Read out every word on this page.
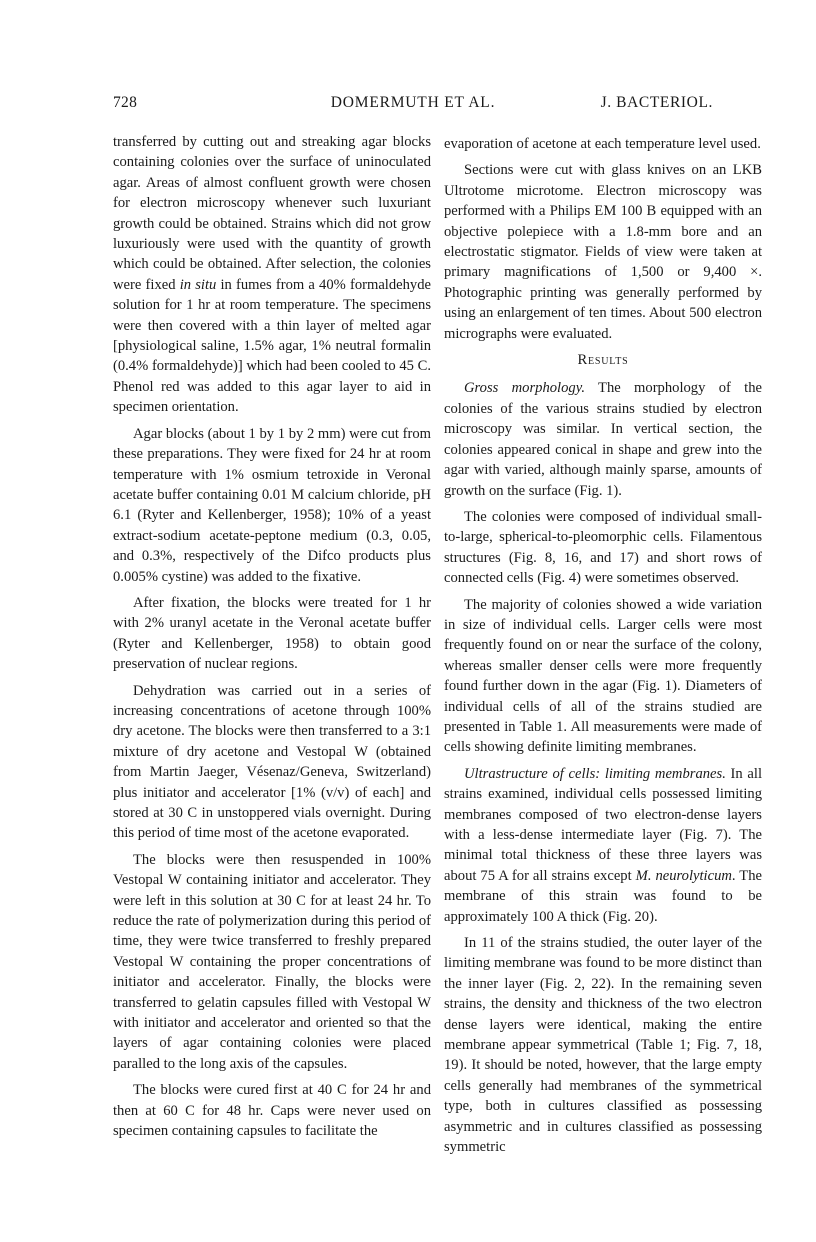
728	DOMERMUTH ET AL.	J. BACTERIOL.

transferred by cutting out and streaking agar blocks containing colonies over the surface of uninoculated agar. Areas of almost confluent growth were chosen for electron microscopy whenever such luxuriant growth could be obtained. Strains which did not grow luxuriously were used with the quantity of growth which could be obtained. After selection, the colonies were fixed in situ in fumes from a 40% formaldehyde solution for 1 hr at room temperature. The specimens were then covered with a thin layer of melted agar [physiological saline, 1.5% agar, 1% neutral formalin (0.4% formaldehyde)] which had been cooled to 45 C. Phenol red was added to this agar layer to aid in specimen orientation.

Agar blocks (about 1 by 1 by 2 mm) were cut from these preparations. They were fixed for 24 hr at room temperature with 1% osmium tetroxide in Veronal acetate buffer containing 0.01 M calcium chloride, pH 6.1 (Ryter and Kellenberger, 1958); 10% of a yeast extract-sodium acetate-peptone medium (0.3, 0.05, and 0.3%, respectively of the Difco products plus 0.005% cystine) was added to the fixative.

After fixation, the blocks were treated for 1 hr with 2% uranyl acetate in the Veronal acetate buffer (Ryter and Kellenberger, 1958) to obtain good preservation of nuclear regions.

Dehydration was carried out in a series of increasing concentrations of acetone through 100% dry acetone. The blocks were then transferred to a 3:1 mixture of dry acetone and Vestopal W (obtained from Martin Jaeger, Vésenaz/Geneva, Switzerland) plus initiator and accelerator [1% (v/v) of each] and stored at 30 C in unstoppered vials overnight. During this period of time most of the acetone evaporated.

The blocks were then resuspended in 100% Vestopal W containing initiator and accelerator. They were left in this solution at 30 C for at least 24 hr. To reduce the rate of polymerization during this period of time, they were twice transferred to freshly prepared Vestopal W containing the proper concentrations of initiator and accelerator. Finally, the blocks were transferred to gelatin capsules filled with Vestopal W with initiator and accelerator and oriented so that the layers of agar containing colonies were placed paralled to the long axis of the capsules.

The blocks were cured first at 40 C for 24 hr and then at 60 C for 48 hr. Caps were never used on specimen containing capsules to facilitate the

evaporation of acetone at each temperature level used.

Sections were cut with glass knives on an LKB Ultrotome microtome. Electron microscopy was performed with a Philips EM 100 B equipped with an objective polepiece with a 1.8-mm bore and an electrostatic stigmator. Fields of view were taken at primary magnifications of 1,500 or 9,400 ×. Photographic printing was generally performed by using an enlargement of ten times. About 500 electron micrographs were evaluated.

Results

Gross morphology. The morphology of the colonies of the various strains studied by electron microscopy was similar. In vertical section, the colonies appeared conical in shape and grew into the agar with varied, although mainly sparse, amounts of growth on the surface (Fig. 1).

The colonies were composed of individual small-to-large, spherical-to-pleomorphic cells. Filamentous structures (Fig. 8, 16, and 17) and short rows of connected cells (Fig. 4) were sometimes observed.

The majority of colonies showed a wide variation in size of individual cells. Larger cells were most frequently found on or near the surface of the colony, whereas smaller denser cells were more frequently found further down in the agar (Fig. 1). Diameters of individual cells of all of the strains studied are presented in Table 1. All measurements were made of cells showing definite limiting membranes.

Ultrastructure of cells: limiting membranes. In all strains examined, individual cells possessed limiting membranes composed of two electron-dense layers with a less-dense intermediate layer (Fig. 7). The minimal total thickness of these three layers was about 75 A for all strains except M. neurolyticum. The membrane of this strain was found to be approximately 100 A thick (Fig. 20).

In 11 of the strains studied, the outer layer of the limiting membrane was found to be more distinct than the inner layer (Fig. 2, 22). In the remaining seven strains, the density and thickness of the two electron dense layers were identical, making the entire membrane appear symmetrical (Table 1; Fig. 7, 18, 19). It should be noted, however, that the large empty cells generally had membranes of the symmetrical type, both in cultures classified as possessing asymmetric and in cultures classified as possessing symmetric
